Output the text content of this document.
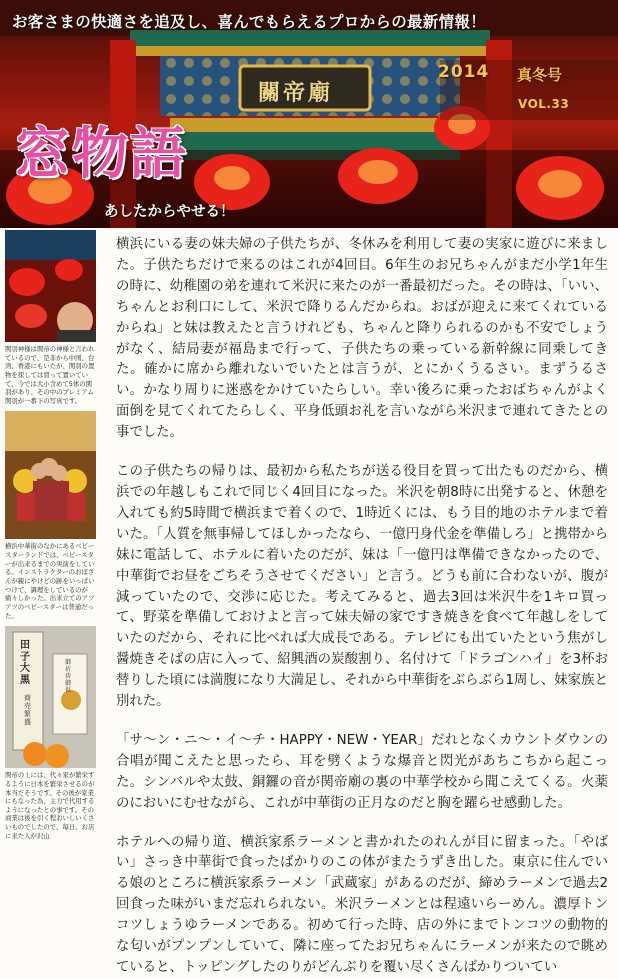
關帝廟
お客さまの快適さを追及し、喜んでもらえるプロからの最新情報！
2014 真冬号
VOL.33
窓物語
あしたからやせる！

関羽神様は関帝の神様と言われているので、是非から中国、台湾、香港にもいたが、関羽の置物を探しては買って置いていて、今では大小含めて5体の関羽があり、その中のプレミアム関羽が一番下の写真です。

横浜中華街のなかにあるベビースターランドでは、ベビースターが出来るまでの実演をしている。インストラクターのおばさんが親にやけどの跡をいっぱいつけて、調理をしているのが痛々しかった。出来立てのアツアツのベビースターは普通だった。

田子大黒
商売繁盛
御祈祷御供

関帝の上には、代々家が繁栄するように日本を繁栄させるのが本当だそうです。その後が家業にもなった為、主力で代用するようになったとの事です。その商業は後を引く程おいしいくさいものでしたので、毎日、お店に来た人が沢山

横浜にいる妻の妹夫婦の子供たちが、冬休みを利用して妻の実家に遊びに来ました。子供たちだけで来るのはこれが4回目。6年生のお兄ちゃんがまだ小学1年生の時に、幼稚園の弟を連れて米沢に来たのが一番最初だった。その時は、「いい、ちゃんとお利口にして、米沢で降りるんだからね。おばが迎えに来てくれているからね」と妹は教えたと言うけれども、ちゃんと降りられるのかも不安でしょうがなく、結局妻が福島まで行って、子供たちの乗っている新幹線に同乗してきた。確かに席から離れないでいたとは言うが、とにかくうるさい。まずうるさい。かなり周りに迷惑をかけていたらしい。幸い後ろに乗ったおばちゃんがよく面倒を見てくれてたらしく、平身低頭お礼を言いながら米沢まで連れてきたとの事でした。

この子供たちの帰りは、最初から私たちが送る役目を買って出たものだから、横浜での年越しもこれで同じく4回目になった。米沢を朝8時に出発すると、休憩を入れても約5時間で横浜まで着くので、1時近くには、もう目的地のホテルまで着いた。「人質を無事帰してほしかったなら、一億円身代金を準備しろ」と携帯から妹に電話して、ホテルに着いたのだが、妹は「一億円は準備できなかったので、中華街でお昼をごちそうさせてください」と言う。どうも前に合わないが、腹が減っていたので、交渉に応じた。考えてみると、過去3回は米沢牛を1キロ買って、野菜を準備しておけよと言って妹夫婦の家ですき焼きを食べて年越しをしていたのだから、それに比べれば大成長である。テレビにも出ていたという焦がし醤焼きそばの店に入って、紹興酒の炭酸割り、名付けて「ドラゴンハイ」を3杯お替りした頃には満腹になり大満足し、それから中華街をぶらぶら1周し、妹家族と別れた。

「サ〜ン・ニ〜・イ〜チ・HAPPY・NEW・YEAR」だれとなくカウントダウンの合唱が聞こえたと思ったら、耳を劈くような爆音と閃光があちこちから起こった。シンバルや太鼓、銅鑼の音が関帝廟の裏の中華学校から聞こえてくる。火薬のにおいにむせながら、これが中華街の正月なのだと胸を躍らせ感動した。

ホテルへの帰り道、横浜家系ラーメンと書かれたのれんが目に留まった。「やばい」さっき中華街で食ったばかりのこの体がまたうずき出した。東京に住んでいる娘のところに横浜家系ラーメン「武蔵家」があるのだが、締めラーメンで過去2回食った味がいまだ忘れられない。米沢ラーメンとは程遠いらーめん。濃厚トンコツしょうゆラーメンである。初めて行った時、店の外にまでトンコツの動物的な匂いがプンプンしていて、隣に座ってたお兄ちゃんにラーメンが来たので眺めていると、トッピングしたのりがどんぶりを覆い尽くさんばかりついてい
